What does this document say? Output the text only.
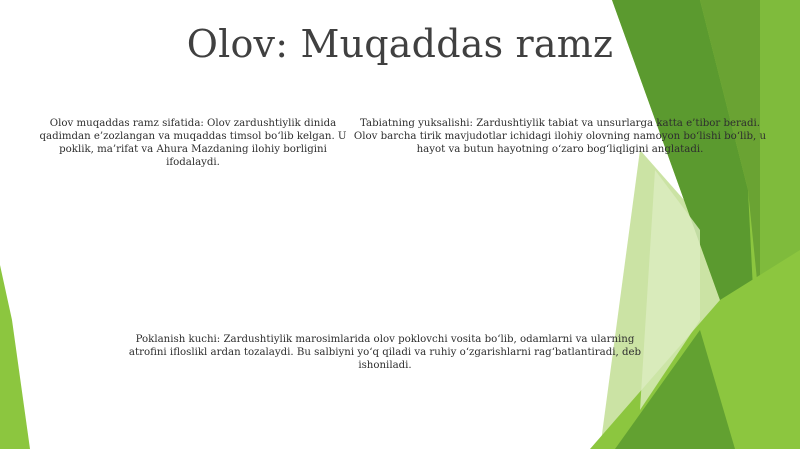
Olov: Muqaddas ramz

Olov muqaddas ramz sifatida: Olov zardushtiylik dinida qadimdan e’zozlangan va muqaddas timsol bo‘lib kelgan. U poklik, ma’rifat va Ahura Mazdaning ilohiy borligini ifodalaydi.

Tabiatning yuksalishi: Zardushtiylik tabiat va unsurlarga katta e’tibor beradi. Olov barcha tirik mavjudotlar ichidagi ilohiy olovning namoyon bo‘lishi bo‘lib, u hayot va butun hayotning o‘zaro bog‘liqligini anglatadi.

Poklanish kuchi: Zardushtiylik marosimlarida olov poklovchi vosita bo‘lib, odamlarni va ularning atrofini ifloslikl ardan tozalaydi. Bu salbiyni yo‘q qiladi va ruhiy o‘zgarishlarni rag‘batlantiradi, deb ishoniladi.
